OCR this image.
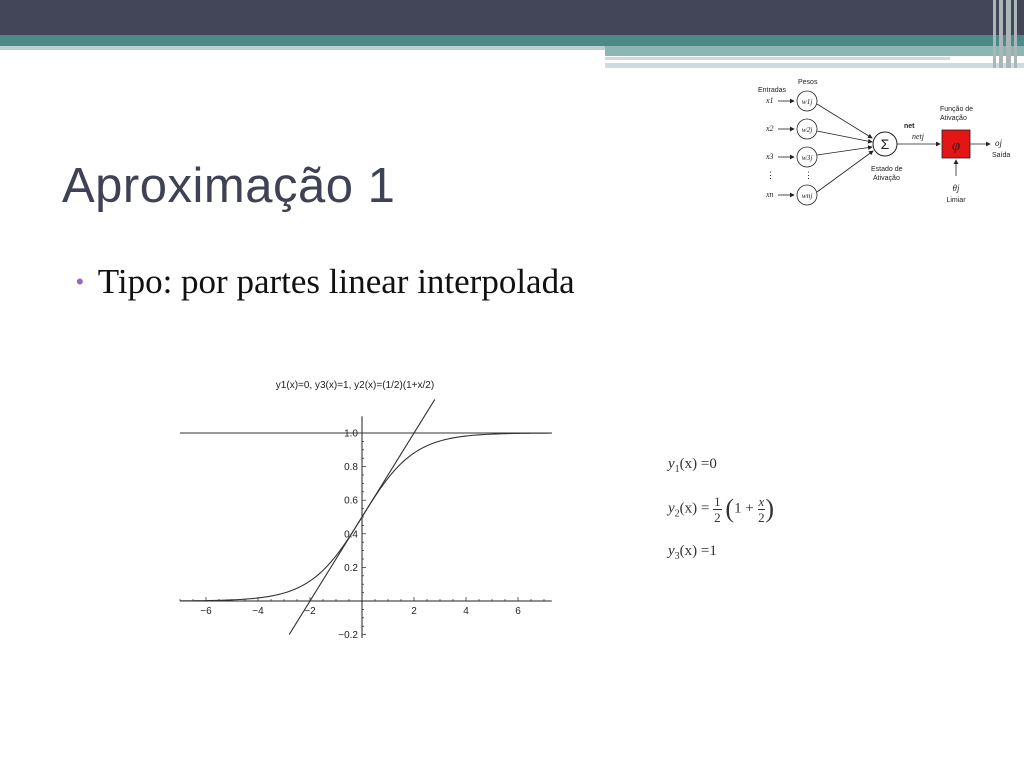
Aproximação 1
• Tipo: por partes linear interpolada
Entradas
Pesos
x1	w1j
x2	w2j
x3	w3j
⋮	⋮
xn	wnj
Σ
Estado de
Ativação
net
netj
Função de
Ativação
φ	oj
Saída
θj
Limiar
y1(x)=0, y3(x)=1, y2(x)=(1/2)(1+x/2)
−6	−4	−2	2	4	6
−0.2
0.2
0.4
0.6
0.8
1.0
$y_1(x) =0$
$y_2(x) = \frac{1}{2} (1 + \frac{x}{2}$ )
$y_3(x) =1$
